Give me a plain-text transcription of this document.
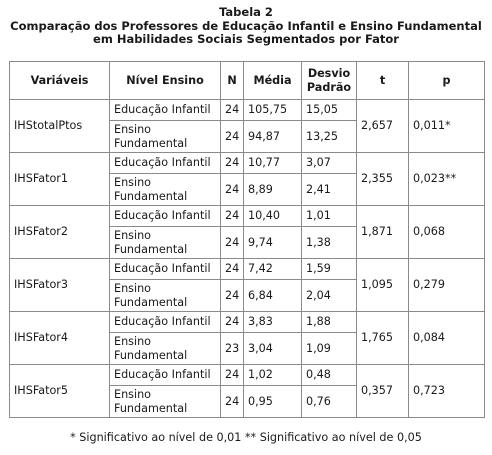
Tabela 2
Comparação dos Professores de Educação Infantil e Ensino Fundamental
em Habilidades Sociais Segmentados por Fator
Variáveis	Nível Ensino	N	Média	Desvio Padrão	t	p
IHStotalPtos	Educação Infantil	24	105,75	15,05	2,657	0,011*
	Ensino Fundamental	24	94,87	13,25		
IHSFator1	Educação Infantil	24	10,77	3,07	2,355	0,023**
	Ensino Fundamental	24	8,89	2,41		
IHSFator2	Educação Infantil	24	10,40	1,01	1,871	0,068
	Ensino Fundamental	24	9,74	1,38		
IHSFator3	Educação Infantil	24	7,42	1,59	1,095	0,279
	Ensino Fundamental	24	6,84	2,04		
IHSFator4	Educação Infantil	24	3,83	1,88	1,765	0,084
	Ensino Fundamental	23	3,04	1,09		
IHSFator5	Educação Infantil	24	1,02	0,48	0,357	0,723
	Ensino Fundamental	24	0,95	0,76		
* Significativo ao nível de 0,01 ** Significativo ao nível de 0,05
